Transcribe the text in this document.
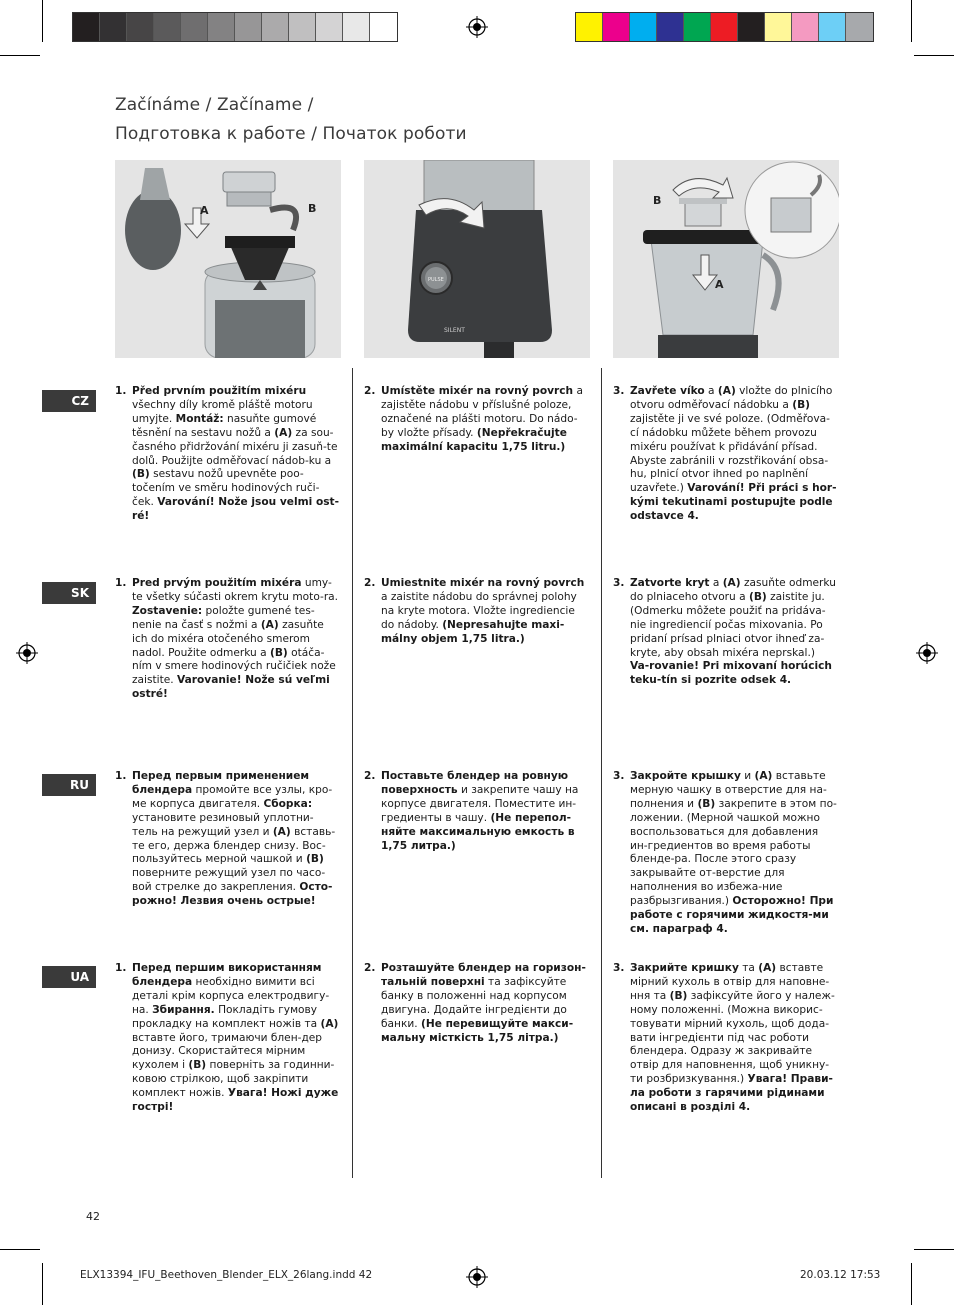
Začínáme / Začíname /
Подготовка к работе / Початок роботи
A	B
PULSE
SILENT
A
B
CZ
SK
RU
UA
1. Před prvním použitím mixéru všechny díly kromě pláště motoru umyjte. Montáž: nasuňte gumové těsnění na sestavu nožů a (A) za sou-časného přidržování mixéru ji zasuň-te dolů. Použijte odměřovací nádob-ku a (B) sestavu nožů upevněte poo-točením ve směru hodinových ruči-ček. Varování! Nože jsou velmi ost-ré!
2. Umístěte mixér na rovný povrch a zajistěte nádobu v příslušné poloze, označené na plášti motoru. Do nádo-by vložte přísady. (Nepřekračujte maximální kapacitu 1,75 litru.)
3. Zavřete víko a (A) vložte do plnicího otvoru odměřovací nádobku a (B) zajistěte ji ve své poloze. (Odměřova-cí nádobku můžete během provozu mixéru používat k přidávání přísad. Abyste zabránili v rozstřikování obsa-hu, plnicí otvor ihned po naplnění uzavřete.) Varování! Při práci s hor-kými tekutinami postupujte podle odstavce 4.
1. Pred prvým použitím mixéra umy-te všetky súčasti okrem krytu moto-ra. Zostavenie: položte gumené tes-nenie na časť s nožmi a (A) zasuňte ich do mixéra otočeného smerom nadol. Použite odmerku a (B) otáča-ním v smere hodinových ručičiek nože zaistite. Varovanie! Nože sú veľmi ostré!
2. Umiestnite mixér na rovný povrch a zaistite nádobu do správnej polohy na kryte motora. Vložte ingrediencie do nádoby. (Nepresahujte maxi-málny objem 1,75 litra.)
3. Zatvorte kryt a (A) zasuňte odmerku do plniaceho otvoru a (B) zaistite ju. (Odmerku môžete použiť na pridáva-nie ingrediencií počas mixovania. Po pridaní prísad plniaci otvor ihneď za-kryte, aby obsah mixéra neprskal.) Va-rovanie! Pri mixovaní horúcich teku-tín si pozrite odsek 4.
1. Перед первым применением блендера промойте все узлы, кро-ме корпуса двигателя. Сборка: установите резиновый уплотни-тель на режущий узел и (A) вставь-те его, держа блендер снизу. Вос-пользуйтесь мерной чашкой и (B) поверните режущий узел по часо-вой стрелке до закрепления. Осто-рожно! Лезвия очень острые!
2. Поставьте блендер на ровную поверхность и закрепите чашу на корпусе двигателя. Поместите ин-гредиенты в чашу. (Не перепол-няйте максимальную емкость в 1,75 литра.)
3. Закройте крышку и (A) вставьте мерную чашку в отверстие для на-полнения и (B) закрепите в этом по-ложении. (Мерной чашкой можно воспользоваться для добавления ин-гредиентов во время работы блендe-ра. После этого сразу закрывайте от-верстие для наполнения во избежа-ние разбрызгивания.) Осторожно! При работе с горячими жидкостя-ми см. параграф 4.
1. Перед першим використанням блендера необхідно вимити всі деталі крім корпуса електродвигу-на. Збирання. Покладіть гумову прокладку на комплект ножів та (A) вставте його, тримаючи блен-дер донизу. Скористайтеся мірним кухолем і (B) поверніть за годинни-ковою стрілкою, щоб закріпити комплект ножів. Увага! Ножі дуже гострі!
2. Розташуйте блендер на горизон-тальній поверхні та зафіксуйте банку в положенні над корпусом двигуна. Додайте інгредієнти до банки. (Не перевищуйте макси-мальну місткість 1,75 літра.)
3. Закрийте кришку та (A) вставте мірний кухоль в отвір для наповне-ння та (B) зафіксуйте його у належ-ному положенні. (Можна викорис-товувати мірний кухоль, щоб дода-вати інгредієнти під час роботи блендера. Одразу ж закривайте отвір для наповнення, щоб уникну-ти розбризкування.) Увага! Прави-ла роботи з гарячими рідинами описані в розділі 4.
42
ELX13394_IFU_Beethoven_Blender_ELX_26lang.indd 42	20.03.12 17:53
